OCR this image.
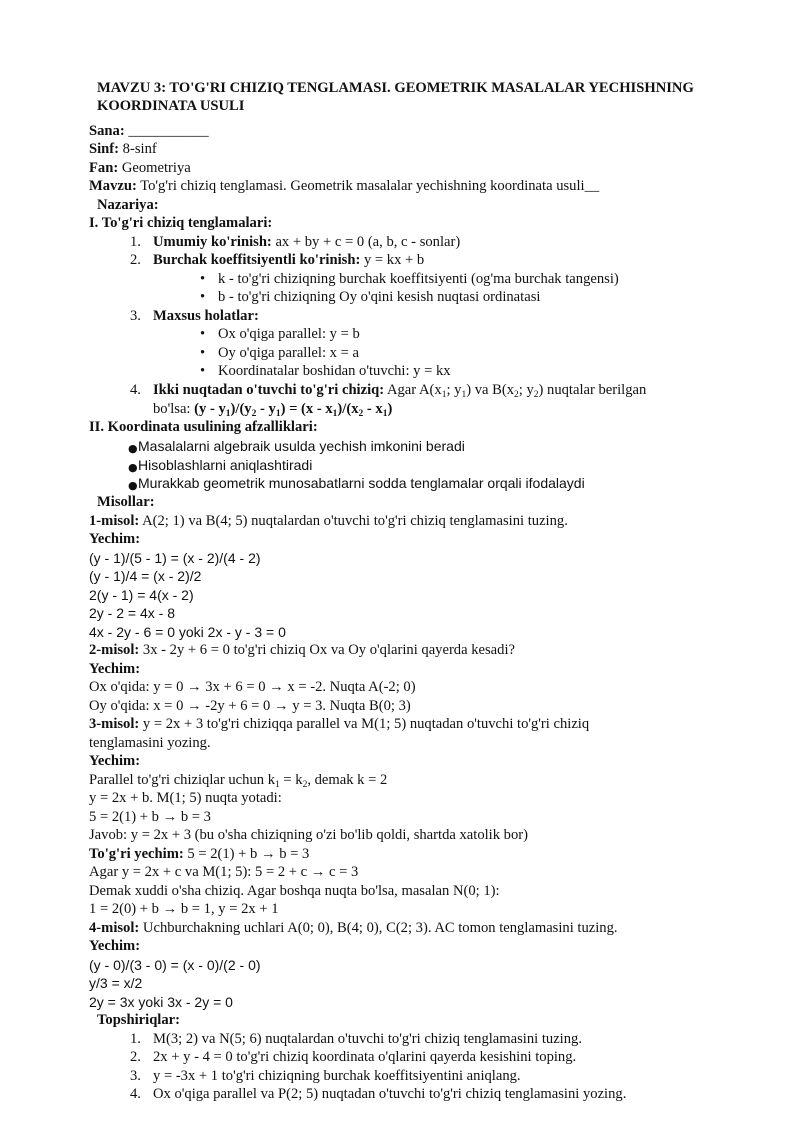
MAVZU 3: TO'G'RI CHIZIQ TENGLAMASI. GEOMETRIK MASALALAR YECHISHNING KOORDINATA USULI
Sana: ___________
Sinf: 8-sinf
Fan: Geometriya
Mavzu: To'g'ri chiziq tenglamasi. Geometrik masalalar yechishning koordinata usuli__
Nazariya:
I. To'g'ri chiziq tenglamalari:
1. Umumiy ko'rinish: ax + by + c = 0 (a, b, c - sonlar)
2. Burchak koeffitsiyentli ko'rinish: y = kx + b
• k - to'g'ri chiziqning burchak koeffitsiyenti (og'ma burchak tangensi)
• b - to'g'ri chiziqning Oy o'qini kesish nuqtasi ordinatasi
3. Maxsus holatlar:
• Ox o'qiga parallel: y = b
• Oy o'qiga parallel: x = a
• Koordinatalar boshidan o'tuvchi: y = kx
4. Ikki nuqtadan o'tuvchi to'g'ri chiziq: Agar $A(x_1$; $y_1$) va $B(x_2$; $y_2$) nuqtalar berilgan
bo'lsa: $(y - y_1)/(y_2 - y_1) = (x - x_1)/(x_2 - x_1)$
II. Koordinata usulining afzalliklari:
● Masalalarni algebraik usulda yechish imkonini beradi
● Hisoblashlarni aniqlashtiradi
● Murakkab geometrik munosabatlarni sodda tenglamalar orqali ifodalaydi
Misollar:
1-misol: A(2; 1) va B(4; 5) nuqtalardan o'tuvchi to'g'ri chiziq tenglamasini tuzing.
Yechim:
(y - 1)/(5 - 1) = (x - 2)/(4 - 2)
(y - 1)/4 = (x - 2)/2
2(y - 1) = 4(x - 2)
2y - 2 = 4x - 8
4x - 2y - 6 = 0 yoki 2x - y - 3 = 0
2-misol: 3x - 2y + 6 = 0 to'g'ri chiziq Ox va Oy o'qlarini qayerda kesadi?
Yechim:
Ox o'qida: y = 0 → 3x + 6 = 0 → x = -2. Nuqta A(-2; 0)
Oy o'qida: x = 0 → -2y + 6 = 0 → y = 3. Nuqta B(0; 3)
3-misol: y = 2x + 3 to'g'ri chiziqqa parallel va M(1; 5) nuqtadan o'tuvchi to'g'ri chiziq
tenglamasini yozing.
Yechim:
Parallel to'g'ri chiziqlar uchun $k_1 = k_2$, demak k = 2
y = 2x + b. M(1; 5) nuqta yotadi:
5 = 2(1) + b → b = 3
Javob: y = 2x + 3 (bu o'sha chiziqning o'zi bo'lib qoldi, shartda xatolik bor)
To'g'ri yechim: 5 = 2(1) + b → b = 3
Agar y = 2x + c va M(1; 5): 5 = 2 + c → c = 3
Demak xuddi o'sha chiziq. Agar boshqa nuqta bo'lsa, masalan N(0; 1):
1 = 2(0) + b → b = 1, y = 2x + 1
4-misol: Uchburchakning uchlari A(0; 0), B(4; 0), C(2; 3). AC tomon tenglamasini tuzing.
Yechim:
(y - 0)/(3 - 0) = (x - 0)/(2 - 0)
y/3 = x/2
2y = 3x yoki 3x - 2y = 0
Topshiriqlar:
1. M(3; 2) va N(5; 6) nuqtalardan o'tuvchi to'g'ri chiziq tenglamasini tuzing.
2. 2x + y - 4 = 0 to'g'ri chiziq koordinata o'qlarini qayerda kesishini toping.
3. y = -3x + 1 to'g'ri chiziqning burchak koeffitsiyentini aniqlang.
4. Ox o'qiga parallel va P(2; 5) nuqtadan o'tuvchi to'g'ri chiziq tenglamasini yozing.
